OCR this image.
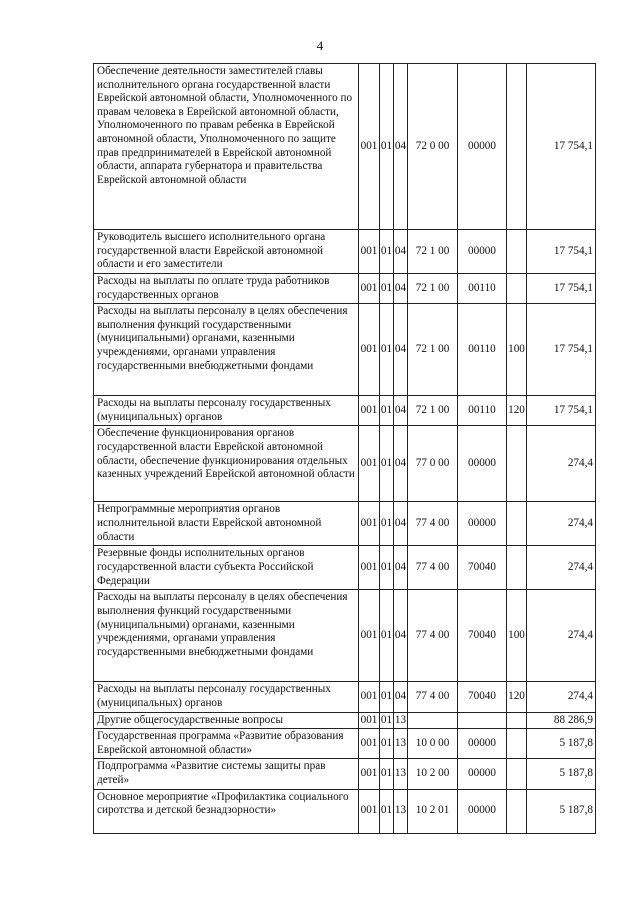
4
Обеспечение деятельности заместителей главы исполнительного органа государственной власти Еврейской автономной области, Уполномоченного по правам человека в Еврейской автономной области, Уполномоченного по правам ребенка в Еврейской автономной области, Уполномоченного по защите прав предпринимателей в Еврейской автономной области, аппарата губернатора и правительства Еврейской автономной области	001	01	04	72 0 00	00000		17 754,1
Руководитель высшего исполнительного органа государственной власти Еврейской автономной области и его заместители	001	01	04	72 1 00	00000		17 754,1
Расходы на выплаты по оплате труда работников государственных органов	001	01	04	72 1 00	00110		17 754,1
Расходы на выплаты персоналу в целях обеспечения выполнения функций государственными (муниципальными) органами, казенными учреждениями, органами управления государственными внебюджетными фондами	001	01	04	72 1 00	00110	100	17 754,1
Расходы на выплаты персоналу государственных (муниципальных) органов	001	01	04	72 1 00	00110	120	17 754,1
Обеспечение функционирования органов государственной власти Еврейской автономной области, обеспечение функционирования отдельных казенных учреждений Еврейской автономной области	001	01	04	77 0 00	00000		274,4
Непрограммные мероприятия органов исполнительной власти Еврейской автономной области	001	01	04	77 4 00	00000		274,4
Резервные фонды исполнительных органов государственной власти субъекта Российской Федерации	001	01	04	77 4 00	70040		274,4
Расходы на выплаты персоналу в целях обеспечения выполнения функций государственными (муниципальными) органами, казенными учреждениями, органами управления государственными внебюджетными фондами	001	01	04	77 4 00	70040	100	274,4
Расходы на выплаты персоналу государственных (муниципальных) органов	001	01	04	77 4 00	70040	120	274,4
Другие общегосударственные вопросы	001	01	13				88 286,9
Государственная программа «Развитие образования Еврейской автономной области»	001	01	13	10 0 00	00000		5 187,8
Подпрограмма «Развитие системы защиты прав детей»	001	01	13	10 2 00	00000		5 187,8
Основное мероприятие «Профилактика социального сиротства и детской безнадзорности»	001	01	13	10 2 01	00000		5 187,8
